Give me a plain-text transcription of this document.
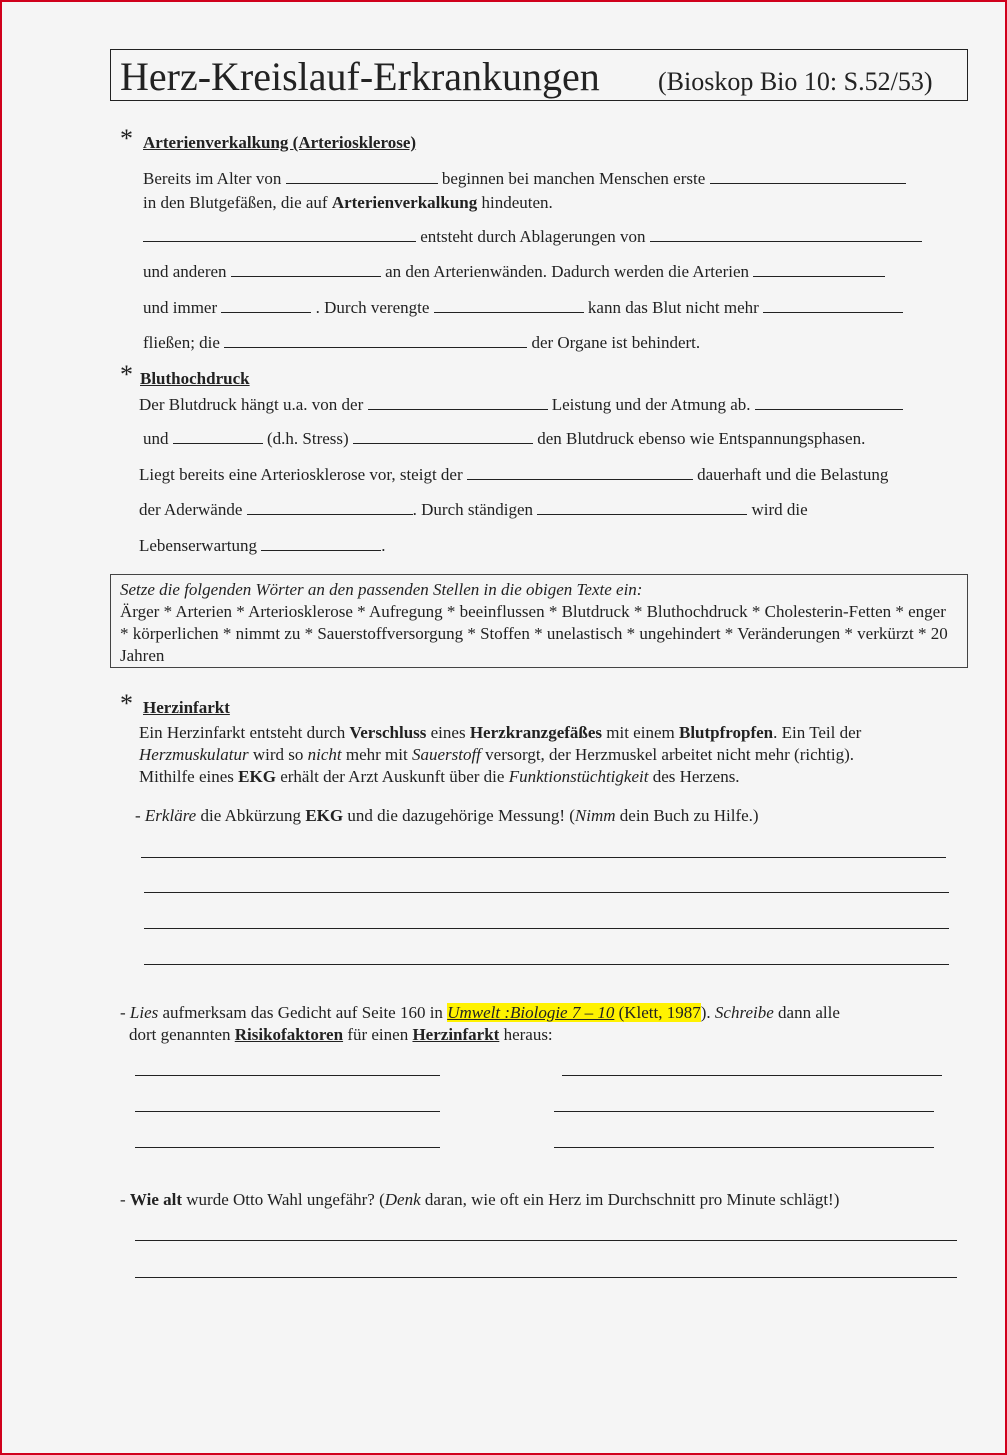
Herz-Kreislauf-Erkrankungen (Bioskop Bio 10: S.52/53)
* Arterienverkalkung (Arteriosklerose)
Bereits im Alter von	beginnen bei manchen Menschen erste
in den Blutgefäßen, die auf Arterienverkalkung hindeuten.
entsteht durch Ablagerungen von
und anderen	an den Arterienwänden. Dadurch werden die Arterien
und immer	. Durch verengte	kann das Blut nicht mehr
fließen; die	der Organe ist behindert.
* Bluthochdruck
Der Blutdruck hängt u.a. von der	Leistung und der Atmung ab.
und	(d.h. Stress)	den Blutdruck ebenso wie Entspannungsphasen.
Liegt bereits eine Arteriosklerose vor, steigt der	dauerhaft und die Belastung
der Aderwände	. Durch ständigen	wird die
Lebenserwartung	.
Setze die folgenden Wörter an den passenden Stellen in die obigen Texte ein:
Ärger * Arterien * Arteriosklerose * Aufregung * beeinflussen * Blutdruck * Bluthochdruck * Cholesterin-Fetten * enger * körperlichen * nimmt zu * Sauerstoffversorgung * Stoffen * unelastisch * ungehindert * Veränderungen * verkürzt * 20 Jahren
* Herzinfarkt
Ein Herzinfarkt entsteht durch Verschluss eines Herzkranzgefäßes mit einem Blutpfropfen. Ein Teil der
Herzmuskulatur wird so nicht mehr mit Sauerstoff versorgt, der Herzmuskel arbeitet nicht mehr (richtig).
Mithilfe eines EKG erhält der Arzt Auskunft über die Funktionstüchtigkeit des Herzens.
- Erkläre die Abkürzung EKG und die dazugehörige Messung! (Nimm dein Buch zu Hilfe.)
- Lies aufmerksam das Gedicht auf Seite 160 in Umwelt :Biologie 7 – 10 (Klett, 1987). Schreibe dann alle
dort genannten Risikofaktoren für einen Herzinfarkt heraus:
- Wie alt wurde Otto Wahl ungefähr? (Denk daran, wie oft ein Herz im Durchschnitt pro Minute schlägt!)
